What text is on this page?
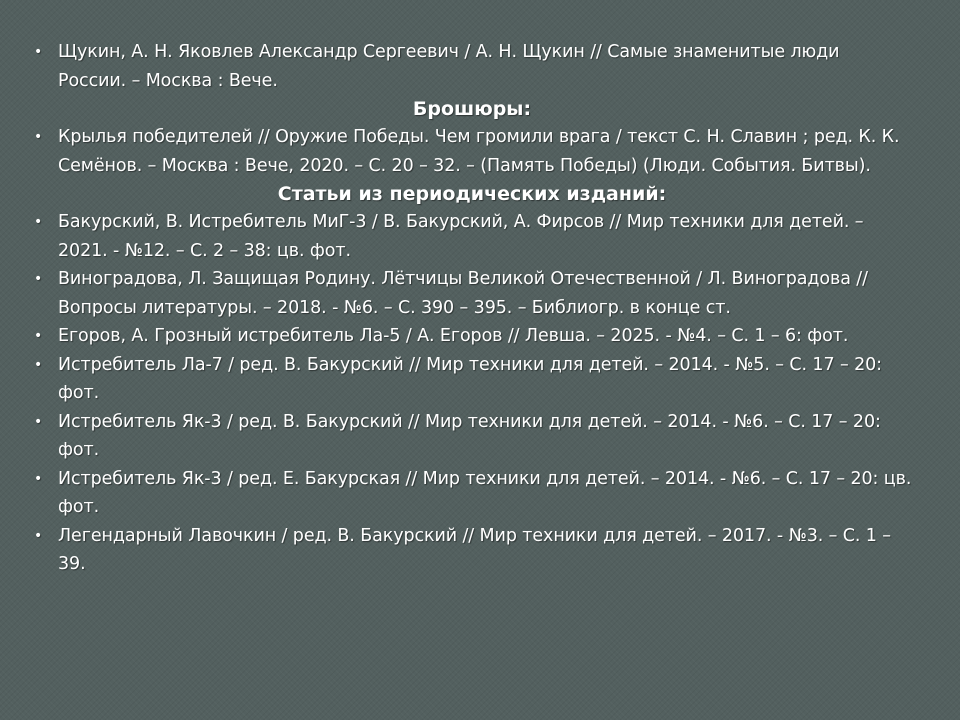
• Щукин, А. Н. Яковлев Александр Сергеевич / А. Н. Щукин // Самые знаменитые люди России. – Москва : Вече.
Брошюры:
• Крылья победителей // Оружие Победы. Чем громили врага / текст С. Н. Славин ; ред. К. К. Семёнов. – Москва : Вече, 2020. – С. 20 – 32. – (Память Победы) (Люди. События. Битвы).
Статьи из периодических изданий:
• Бакурский, В. Истребитель МиГ-3 / В. Бакурский, А. Фирсов // Мир техники для детей. – 2021. - №12. – С. 2 – 38: цв. фот.
• Виноградова, Л. Защищая Родину. Лётчицы Великой Отечественной / Л. Виноградова // Вопросы литературы. – 2018. - №6. – С. 390 – 395. – Библиогр. в конце ст.
• Егоров, А. Грозный истребитель Ла-5 / А. Егоров // Левша. – 2025. - №4. – С. 1 – 6: фот.
• Истребитель Ла-7 / ред. В. Бакурский // Мир техники для детей. – 2014. - №5. – С. 17 – 20: фот.
• Истребитель Як-3 / ред. В. Бакурский // Мир техники для детей. – 2014. - №6. – С. 17 – 20: фот.
• Истребитель Як-3 / ред. Е. Бакурская // Мир техники для детей. – 2014. - №6. – С. 17 – 20: цв. фот.
• Легендарный Лавочкин / ред. В. Бакурский // Мир техники для детей. – 2017. - №3. – С. 1 – 39.
